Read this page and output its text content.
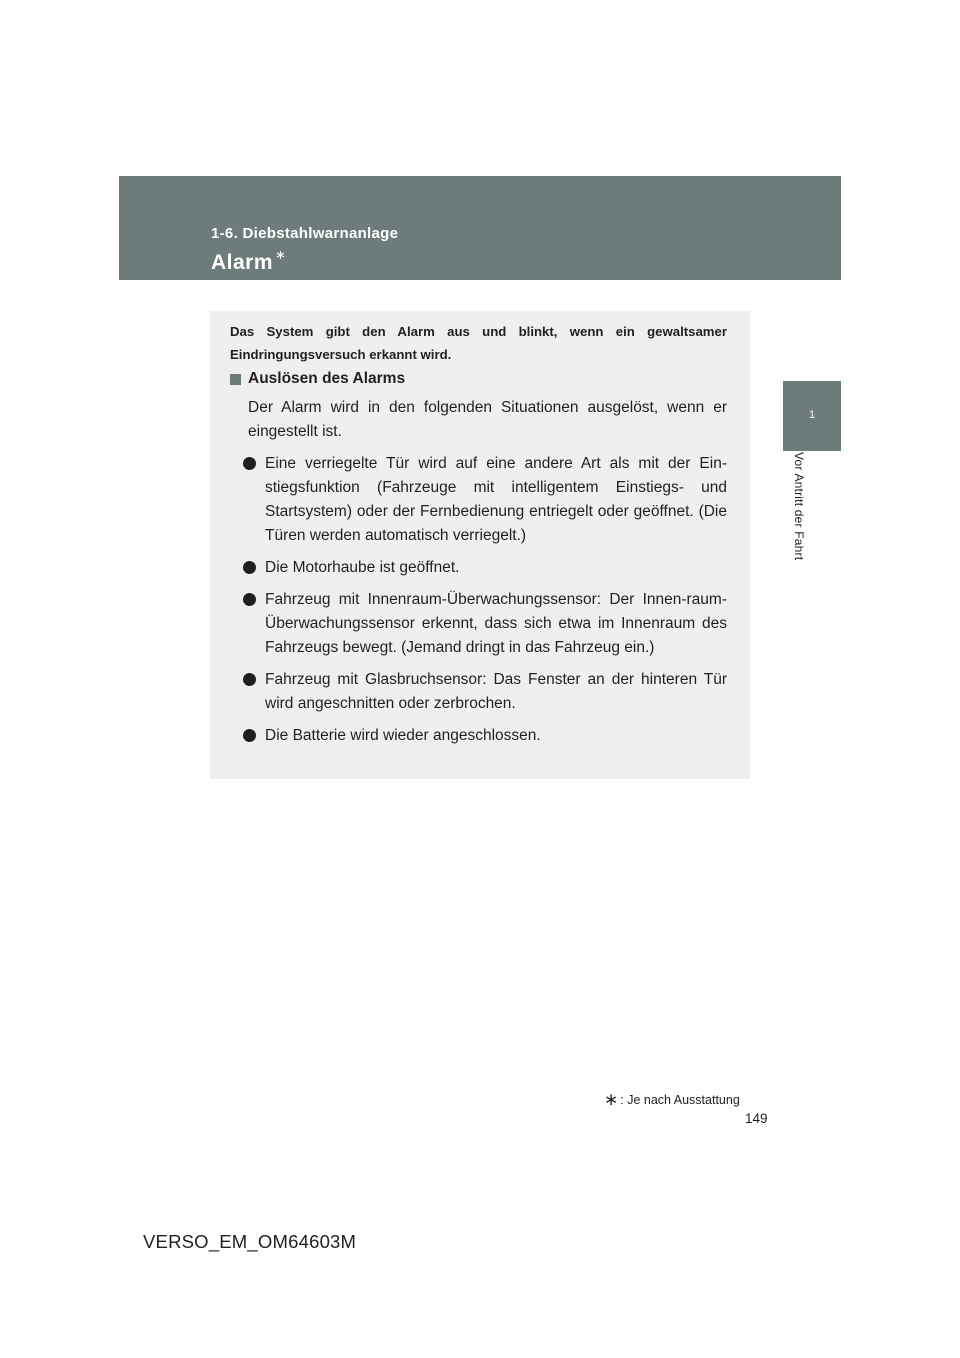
1-6. Diebstahlwarnanlage
Alarm ∗
1
Vor Antritt der Fahrt
Das System gibt den Alarm aus und blinkt, wenn ein gewaltsamer Eindringungsversuch erkannt wird.
Auslösen des Alarms
Der Alarm wird in den folgenden Situationen ausgelöst, wenn er eingestellt ist.
Eine verriegelte Tür wird auf eine andere Art als mit der Ein-stiegsfunktion (Fahrzeuge mit intelligentem Einstiegs- und Startsystem) oder der Fernbedienung entriegelt oder geöffnet. (Die Türen werden automatisch verriegelt.)
Die Motorhaube ist geöffnet.
Fahrzeug mit Innenraum-Überwachungssensor: Der Innen-raum-Überwachungssensor erkennt, dass sich etwa im Innenraum des Fahrzeugs bewegt. (Jemand dringt in das Fahrzeug ein.)
Fahrzeug mit Glasbruchsensor: Das Fenster an der hinteren Tür wird angeschnitten oder zerbrochen.
Die Batterie wird wieder angeschlossen.
∗ : Je nach Ausstattung
149
VERSO_EM_OM64603M
